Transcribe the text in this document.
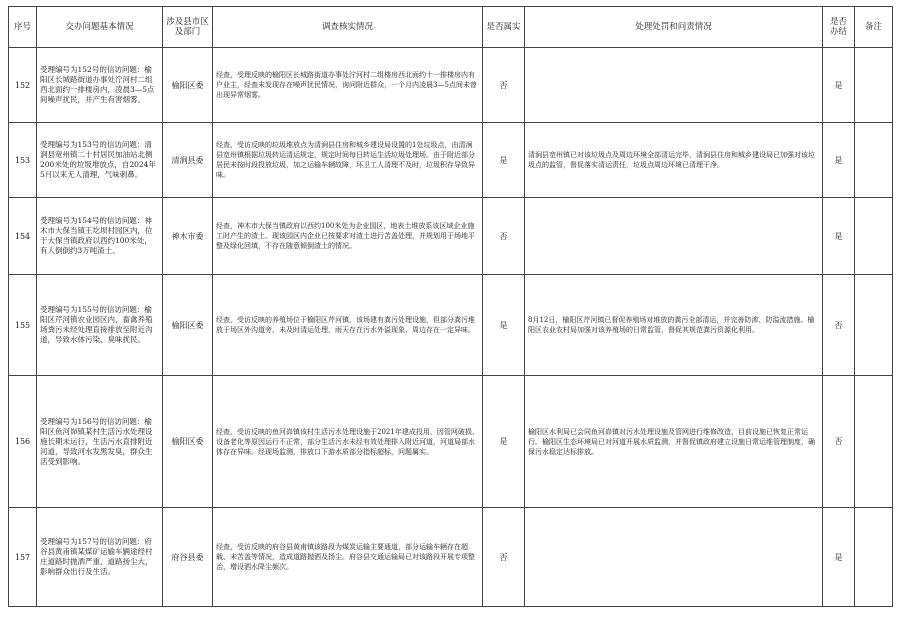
序号	交办问题基本情况	涉及县市区及部门	调查核实情况	是否属实	处理处罚和问责情况	是否办结	备注
152	受理编号为152号的信访问题：榆阳区长城路街道办事处泞河村二组西北面约一排楼房内，凌晨3—5点间噪声扰民，并产生有害烟雾。	榆阳区委	经查，受理反映的榆阳区长城路街道办事处泞河村二组楼房西北面约十一排楼房内有户业主，经查未发现存在噪声扰民情况，询问附近群众，一个月内凌晨3—5点间未曾出现异常烟雾。	否		是	
153	受理编号为153号的信访问题：清涧县宽州镇二十村居民加油站北侧200米处的垃圾堆放点，自2024年5月以来无人清理，气味刺鼻。	清涧县委	经查，受访反映的垃圾堆放点为清涧县住房和城乡建设局设置的1处垃圾点，由清涧县宽州镇根据垃圾转运清运规定，规定时间每日转运生活垃圾处理场。由于附近部分居民未按时段投放垃圾，加之运输车辆故障，环卫工人清理不及时，垃圾积存导致异味。	是	清涧县宽州镇已对该垃圾点及周边环境全部清运完毕，清涧县住房和城乡建设局已加强对该垃圾点的监管，督促落实清运责任，垃圾点周边环境已清理干净。	是	
154	受理编号为154号的信访问题：神木市大保当镇王圪坝村园区内，位于大保当镇政府以西约100米处，有人倒倒约3万吨渣土。	神木市委	经查，神木市大保当镇政府以西约100米处为企业园区，地表土堆放系该区域企业施工时产生的渣土。现该园区内企业已按要求对渣土进行苫盖处理，并规划用于场地平整及绿化回填，不存在随意倾倒渣土的情况。	否		是	
155	受理编号为155号的信访问题：榆阳区芹河镇农业园区内，畜禽养殖场粪污未经处理直接排放至附近沟道，导致水体污染、臭味扰民。	榆阳区委	经查，受访反映的养殖场位于榆阳区芹河镇，该场建有粪污处理设施，但部分粪污堆放于场区外沟道旁，未及时清运处理，雨天存在污水外溢现象，周边存在一定异味。	是	8月12日，榆阳区芹河镇已督促养殖场对堆放的粪污全部清运，并完善防渗、防溢流措施。榆阳区农业农村局加强对该养殖场的日常监管，督促其规范粪污资源化利用。	否	
156	受理编号为156号的信访问题：榆阳区鱼河峁镇某村生活污水处理设施长期未运行，生活污水直排附近河道，导致河水发黑发臭，群众生活受到影响。	榆阳区委	经查，受访反映的鱼河峁镇该村生活污水处理设施于2021年建成投用，因管网破损、设备老化等原因运行不正常，部分生活污水未经有效处理排入附近河道，河道局部水体存在异味。经现场监测，排放口下游水质部分指标超标，问题属实。	是	榆阳区水利局已会同鱼河峁镇对污水处理设施及管网进行维修改造，目前设施已恢复正常运行。榆阳区生态环境局已对河道开展水质监测，并督促镇政府建立设施日常运维管理制度，确保污水稳定达标排放。	否	
157	受理编号为157号的信访问题：府谷县黄甫镇某煤矿运输车辆途经村庄道路时抛洒严重，道路扬尘大，影响群众出行及生活。	府谷县委	经查，受访反映的府谷县黄甫镇该路段为煤炭运输主要通道，部分运输车辆存在超载、未苫盖等情况，造成道路抛洒及扬尘。府谷县交通运输局已对该路段开展专项整治，增设洒水降尘频次。	否		是	
